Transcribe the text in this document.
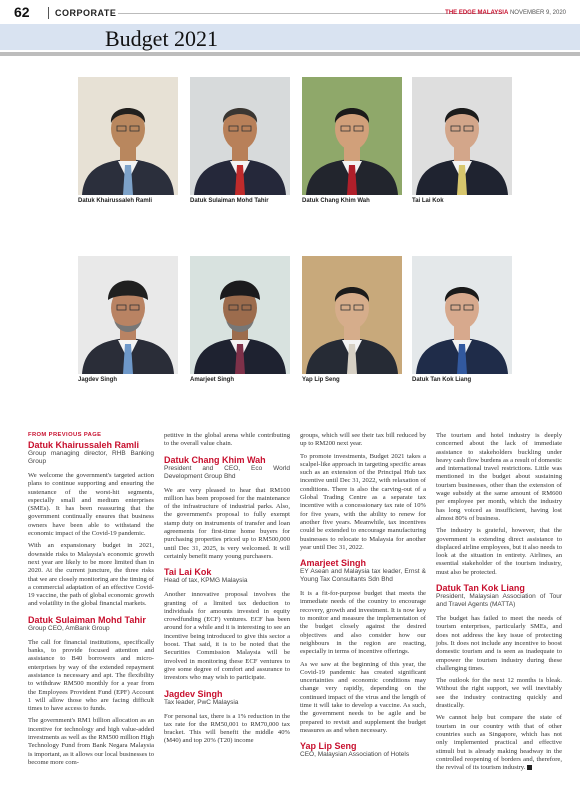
62	CORPORATE	THE EDGE MALAYSIA NOVEMBER 9, 2020
Budget 2021
Datuk Khairussaleh Ramli	Datuk Sulaiman Mohd Tahir	Datuk Chang Khim Wah	Tai Lai Kok
Jagdev Singh	Amarjeet Singh	Yap Lip Seng	Datuk Tan Kok Liang
FROM PREVIOUS PAGE
Datuk Khairussaleh Ramli
Group managing director, RHB Banking Group

We welcome the government's targeted action plans to continue supporting and ensuring the sustenance of the worst-hit segments, especially small and medium enterprises (SMEs). It has been reassuring that the government continually ensures that business owners have been able to withstand the economic impact of the Covid-19 pandemic.

With an expansionary budget in 2021, downside risks to Malaysia's economic growth next year are likely to be more limited than in 2020. At the current juncture, the three risks that we are closely monitoring are the timing of a commercial adaptation of an effective Covid-19 vaccine, the path of global economic growth and volatility in the global financial markets.

Datuk Sulaiman Mohd Tahir
Group CEO, AmBank Group

The call for financial institutions, specifically banks, to provide focused attention and assistance to B40 borrowers and micro-enterprises by way of the extended repayment assistance is necessary and apt. The flexibility to withdraw RM500 monthly for a year from the Employees Provident Fund (EPF) Account 1 will allow those who are facing difficult times to have access to funds.

The government's RM1 billion allocation as an incentive for technology and high value-added investments as well as the RM500 million High Technology Fund from Bank Negara Malaysia is important, as it allows our local businesses to become more com-

petitive in the global arena while contributing to the overall value chain.

Datuk Chang Khim Wah
President and CEO, Eco World Development Group Bhd

We are very pleased to hear that RM100 million has been proposed for the maintenance of the infrastructure of industrial parks. Also, the government's proposal to fully exempt stamp duty on instruments of transfer and loan agreements for first-time home buyers for purchasing properties priced up to RM500,000 until Dec 31, 2025, is very welcomed. It will certainly benefit many young purchasers.

Tai Lai Kok
Head of tax, KPMG Malaysia

Another innovative proposal involves the granting of a limited tax deduction to individuals for amounts invested in equity crowdfunding (ECF) ventures. ECF has been around for a while and it is interesting to see an incentive being introduced to give this sector a boost. That said, it is to be noted that the Securities Commission Malaysia will be involved in monitoring these ECF ventures to give some degree of comfort and assurance to investors who may wish to participate.

Jagdev Singh
Tax leader, PwC Malaysia

For personal tax, there is a 1% reduction in the tax rate for the RM50,001 to RM70,000 tax bracket. This will benefit the middle 40% (M40) and top 20% (T20) income

groups, which will see their tax bill reduced by up to RM200 next year.

To promote investments, Budget 2021 takes a scalpel-like approach in targeting specific areas such as an extension of the Principal Hub tax incentive until Dec 31, 2022, with relaxation of conditions. There is also the carving-out of a Global Trading Centre as a separate tax incentive with a concessionary tax rate of 10% for five years, with the ability to renew for another five years. Meanwhile, tax incentives could be extended to encourage manufacturing businesses to relocate to Malaysia for another year until Dec 31, 2022.

Amarjeet Singh
EY Asean and Malaysia tax leader, Ernst & Young Tax Consultants Sdn Bhd

It is a fit-for-purpose budget that meets the immediate needs of the country to encourage recovery, growth and investment. It is now key to monitor and measure the implementation of the budget closely against the desired objectives and also consider how our neighbours in the region are reacting, especially in terms of incentive offerings.

As we saw at the beginning of this year, the Covid-19 pandemic has created significant uncertainties and economic conditions may change very rapidly, depending on the continued impact of the virus and the length of time it will take to develop a vaccine. As such, the government needs to be agile and be prepared to revisit and supplement the budget measures as and when necessary.

Yap Lip Seng
CEO, Malaysian Association of Hotels

The tourism and hotel industry is deeply concerned about the lack of immediate assistance to stakeholders buckling under heavy cash flow burdens as a result of domestic and international travel restrictions. Little was mentioned in the budget about sustaining tourism businesses, other than the extension of wage subsidy at the same amount of RM600 per employee per month, which the industry has long voiced as insufficient, having lost almost 80% of business.

The industry is grateful, however, that the government is extending direct assistance to displaced airline employees, but it also needs to look at the situation in entirety. Airlines, an essential stakeholder of the tourism industry, must also be protected.

Datuk Tan Kok Liang
President, Malaysian Association of Tour and Travel Agents (MATTA)

The budget has failed to meet the needs of tourism enterprises, particularly SMEs, and does not address the key issue of protecting jobs. It does not include any incentive to boost domestic tourism and is seen as inadequate to empower the tourism industry during these challenging times.

The outlook for the next 12 months is bleak. Without the right support, we will inevitably see the industry contracting quickly and drastically.

We cannot help but compare the state of tourism in our country with that of other countries such as Singapore, which has not only implemented practical and effective stimuli but is already making headway in the controlled reopening of borders and, therefore, the revival of its tourism industry.
